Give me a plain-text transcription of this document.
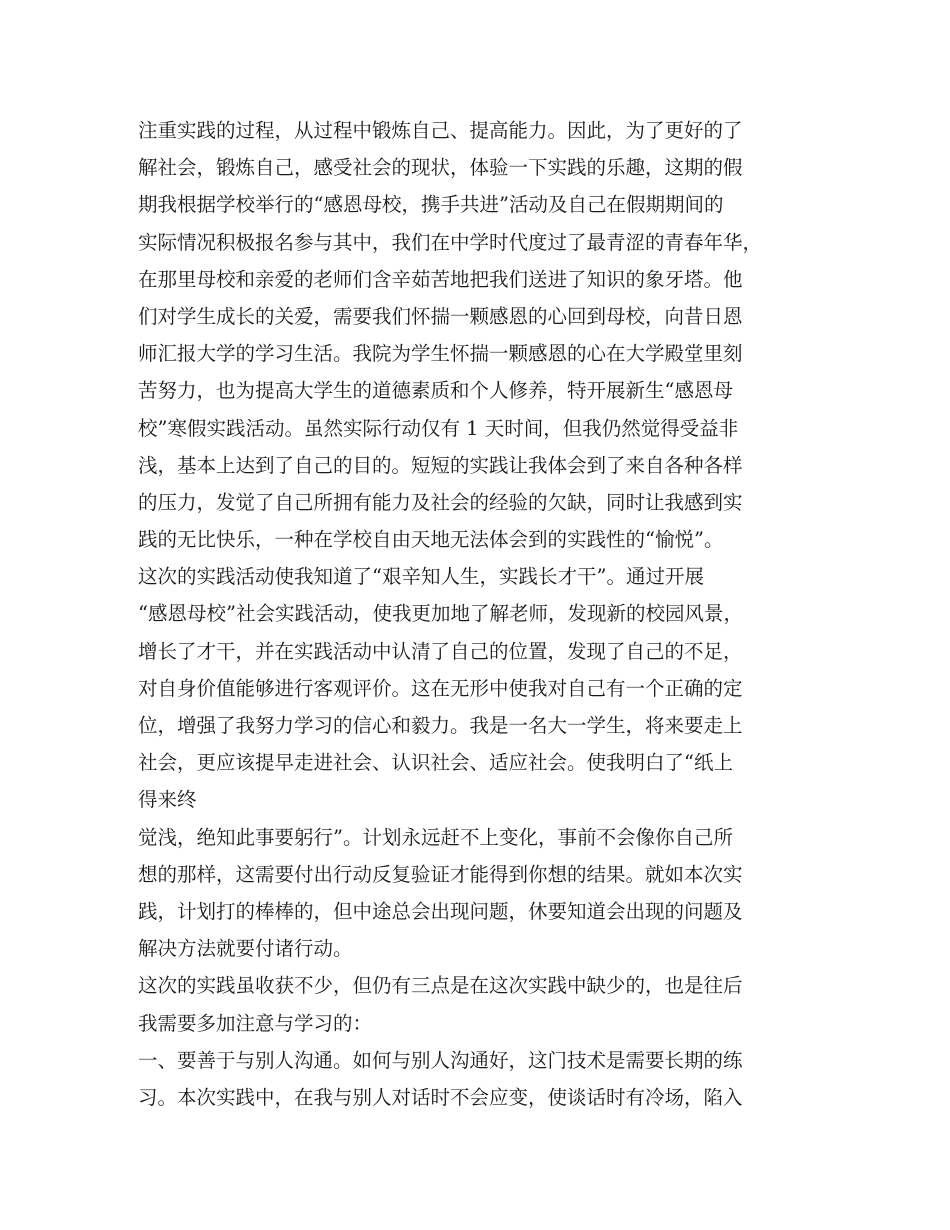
注重实践的过程，从过程中锻炼自己、提高能力。因此，为了更好的了
解社会，锻炼自己，感受社会的现状，体验一下实践的乐趣，这期的假
期我根据学校举行的“感恩母校，携手共进”活动及自己在假期期间的
实际情况积极报名参与其中，我们在中学时代度过了最青涩的青春年华，
在那里母校和亲爱的老师们含辛茹苦地把我们送进了知识的象牙塔。他
们对学生成长的关爱，需要我们怀揣一颗感恩的心回到母校，向昔日恩
师汇报大学的学习生活。我院为学生怀揣一颗感恩的心在大学殿堂里刻
苦努力，也为提高大学生的道德素质和个人修养，特开展新生“感恩母
校”寒假实践活动。虽然实际行动仅有 1 天时间，但我仍然觉得受益非
浅，基本上达到了自己的目的。短短的实践让我体会到了来自各种各样
的压力，发觉了自己所拥有能力及社会的经验的欠缺，同时让我感到实
践的无比快乐，一种在学校自由天地无法体会到的实践性的“愉悦”。
这次的实践活动使我知道了“艰辛知人生，实践长才干”。通过开展
“感恩母校”社会实践活动，使我更加地了解老师，发现新的校园风景，
增长了才干，并在实践活动中认清了自己的位置，发现了自己的不足，
对自身价值能够进行客观评价。这在无形中使我对自己有一个正确的定
位，增强了我努力学习的信心和毅力。我是一名大一学生，将来要走上
社会，更应该提早走进社会、认识社会、适应社会。使我明白了“纸上
得来终
觉浅，绝知此事要躬行”。计划永远赶不上变化，事前不会像你自己所
想的那样，这需要付出行动反复验证才能得到你想的结果。就如本次实
践，计划打的棒棒的，但中途总会出现问题，休要知道会出现的问题及
解决方法就要付诸行动。
这次的实践虽收获不少，但仍有三点是在这次实践中缺少的，也是往后
我需要多加注意与学习的：
一、要善于与别人沟通。如何与别人沟通好，这门技术是需要长期的练
习。本次实践中，在我与别人对话时不会应变，使谈话时有冷场，陷入
